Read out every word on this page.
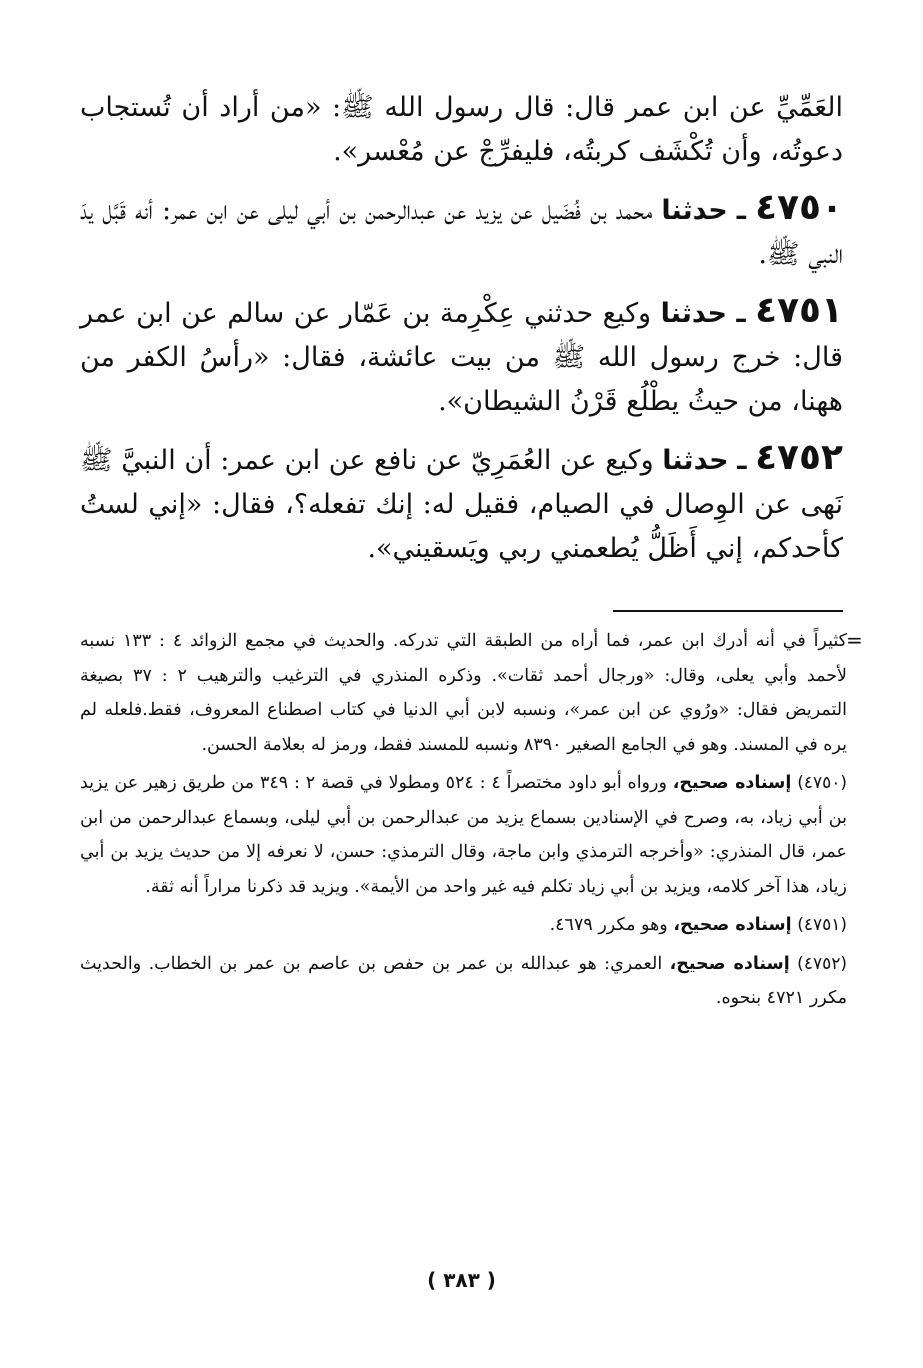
العَمِّيِّ عن ابن عمر قال: قال رسول الله ﷺ: «من أراد أن تُستجاب دعوتُه، وأن تُكْشَف كربتُه، فليفرِّجْ عن مُعْسر».

٤٧٥٠ ـ حدثنا محمد بن فُضَيل عن يزيد عن عبدالرحمن بن أبي ليلى عن ابن عمر: أنه قَبَّل يدَ النبي ﷺ.

٤٧٥١ ـ حدثنا وكيع حدثني عِكْرِمة بن عَمّار عن سالم عن ابن عمر قال: خرج رسول الله ﷺ من بيت عائشة، فقال: «رأسُ الكفر من ههنا، من حيثُ يطْلُع قَرْنُ الشيطان».

٤٧٥٢ ـ حدثنا وكيع عن العُمَرِيّ عن نافع عن ابن عمر: أن النبيَّ ﷺ نَهى عن الوِصال في الصيام، فقيل له: إنك تفعله؟، فقال: «إني لستُ كأحدكم، إني أَظَلُّ يُطعمني ربي ويَسقيني».

=

كثيراً في أنه أدرك ابن عمر، فما أراه من الطبقة التي تدركه. والحديث في مجمع الزوائد ٤ : ١٣٣ نسبه لأحمد وأبي يعلى، وقال: «ورجال أحمد ثقات». وذكره المنذري في الترغيب والترهيب ٢ : ٣٧ بصيغة التمريض فقال: «ورُوي عن ابن عمر»، ونسبه لابن أبي الدنيا في كتاب اصطناع المعروف، فقط.فلعله لم يره في المسند. وهو في الجامع الصغير ٨٣٩٠ ونسبه للمسند فقط، ورمز له بعلامة الحسن.

(٤٧٥٠) إسناده صحيح، ورواه أبو داود مختصراً ٤ : ٥٢٤ ومطولا في قصة ٢ : ٣٤٩ من طريق زهير عن يزيد بن أبي زياد، به، وصرح في الإسنادين بسماع يزيد من عبدالرحمن بن أبي ليلى، وبسماع عبدالرحمن من ابن عمر، قال المنذري: «وأخرجه الترمذي وابن ماجة، وقال الترمذي: حسن، لا نعرفه إلا من حديث يزيد بن أبي زياد، هذا آخر كلامه، ويزيد بن أبي زياد تكلم فيه غير واحد من الأيمة». ويزيد قد ذكرنا مراراً أنه ثقة.

(٤٧٥١) إسناده صحيح، وهو مكرر ٤٦٧٩.

(٤٧٥٢) إسناده صحيح، العمري: هو عبدالله بن عمر بن حفص بن عاصم بن عمر بن الخطاب. والحديث مكرر ٤٧٢١ بنحوه.

( ٣٨٣ )
